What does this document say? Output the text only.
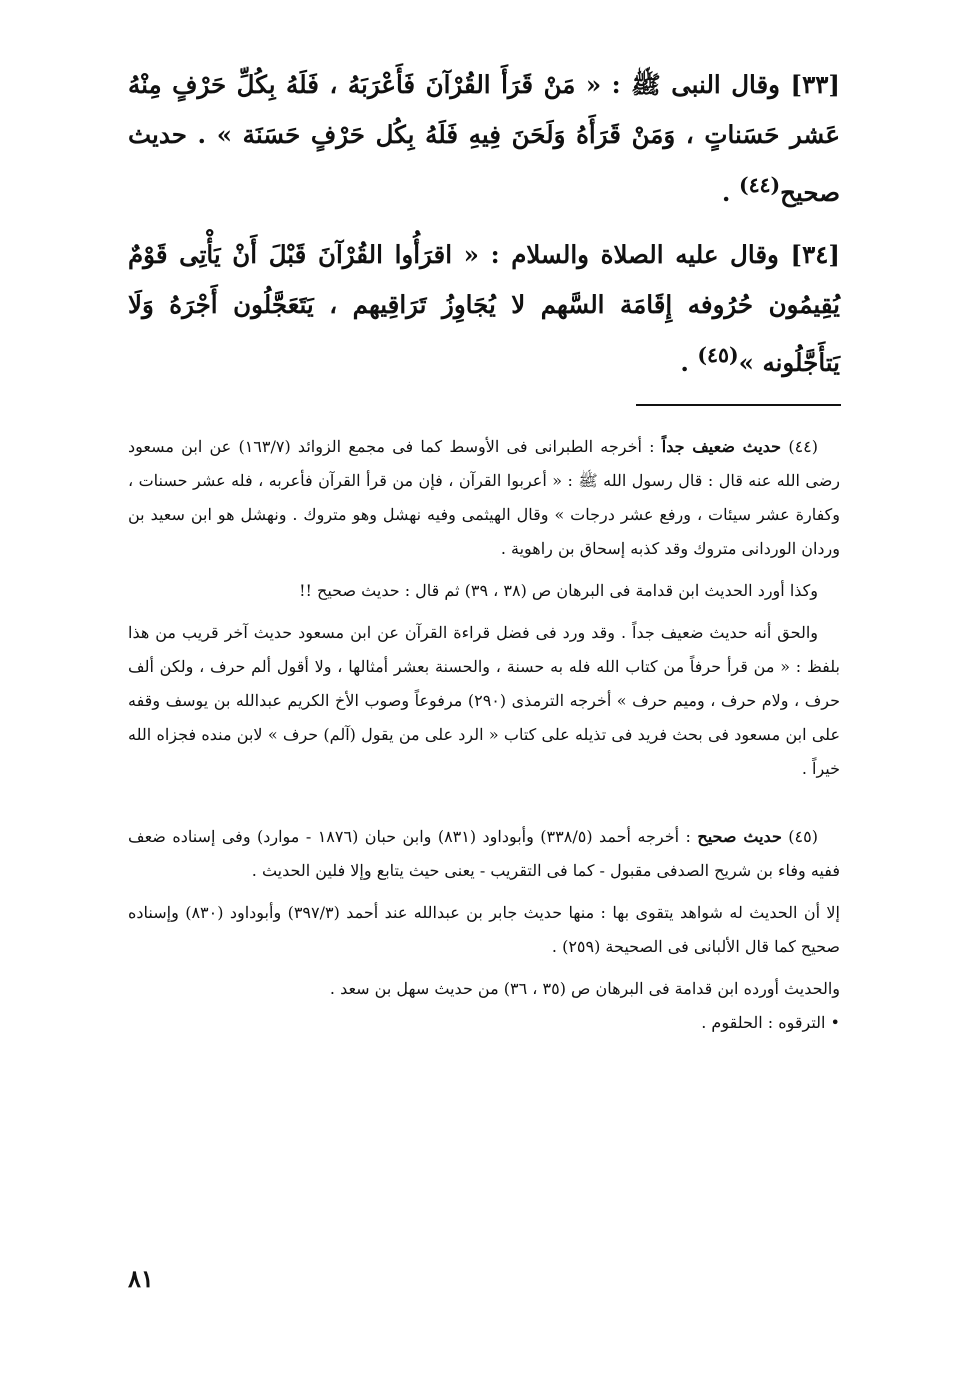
[٣٣] وقال النبى ﷺ : « مَنْ قَرَأَ القُرْآنَ فَأَعْرَبَهُ ، فَلَهُ بِكُلِّ حَرْفٍ مِنْهُ عَشر حَسَناتٍ ، وَمَنْ قَرَأَهُ وَلَحَنَ فِيهِ فَلَهُ بِكُل حَرْفٍ حَسَنَة » . حديث صحيح$^{(٤٤)}$ .

[٣٤] وقال عليه الصلاة والسلام : « اقرَأُوا القُرْآنَ قَبْلَ أَنْ يَأْتِى قَوْمٌ يُقِيمُون حُرُوفه إِقَامَة السَّهم لا يُجَاوِزُ تَرَاقِيهم ، يَتَعَجَّلُون أَجْرَهُ وَلَا يَتأَجَّلُونه »$^{(٤٥)}$ .

(٤٤) حديث ضعيف جداً : أخرجه الطبرانى فى الأوسط كما فى مجمع الزوائد (١٦٣/٧) عن ابن مسعود رضى الله عنه قال : قال رسول الله ﷺ : « أعربوا القرآن ، فإن من قرأ القرآن فأعربه ، فله عشر حسنات ، وكفارة عشر سيئات ، ورفع عشر درجات » وقال الهيثمى وفيه نهشل وهو متروك . ونهشل هو ابن سعيد بن وردان الوردانى متروك وقد كذبه إسحاق بن راهوية .

وكذا أورد الحديث ابن قدامة فى البرهان ص (٣٨ ، ٣٩) ثم قال : حديث صحيح !!

والحق أنه حديث ضعيف جداً . وقد ورد فى فضل قراءة القرآن عن ابن مسعود حديث آخر قريب من هذا بلفظ : « من قرأ حرفاً من كتاب الله فله به حسنة ، والحسنة بعشر أمثالها ، ولا أقول ألم حرف ، ولكن ألف حرف ، ولام حرف ، وميم حرف » أخرجه الترمذى (٢٩٠) مرفوعاً وصوب الأخ الكريم عبدالله بن يوسف وقفه على ابن مسعود فى بحث فريد فى تذيله على كتاب « الرد على من يقول (آلم) حرف » لابن منده فجزاه الله خيراً .

(٤٥) حديث صحيح : أخرجه أحمد (٣٣٨/٥) وأبوداود (٨٣١) وابن حبان (١٨٧٦ - موارد) وفى إسناده ضعف ففيه وفاء بن شريح الصدفى مقبول - كما فى التقريب - يعنى حيث يتابع وإلا فلين الحديث .

إلا أن الحديث له شواهد يتقوى بها : منها حديث جابر بن عبدالله عند أحمد (٣٩٧/٣) وأبوداود (٨٣٠) وإسناده صحيح كما قال الألبانى فى الصحيحة (٢٥٩) .

والحديث أورده ابن قدامة فى البرهان ص (٣٥ ، ٣٦) من حديث سهل بن سعد .

• الترقوه : الحلقوم .

٨١
